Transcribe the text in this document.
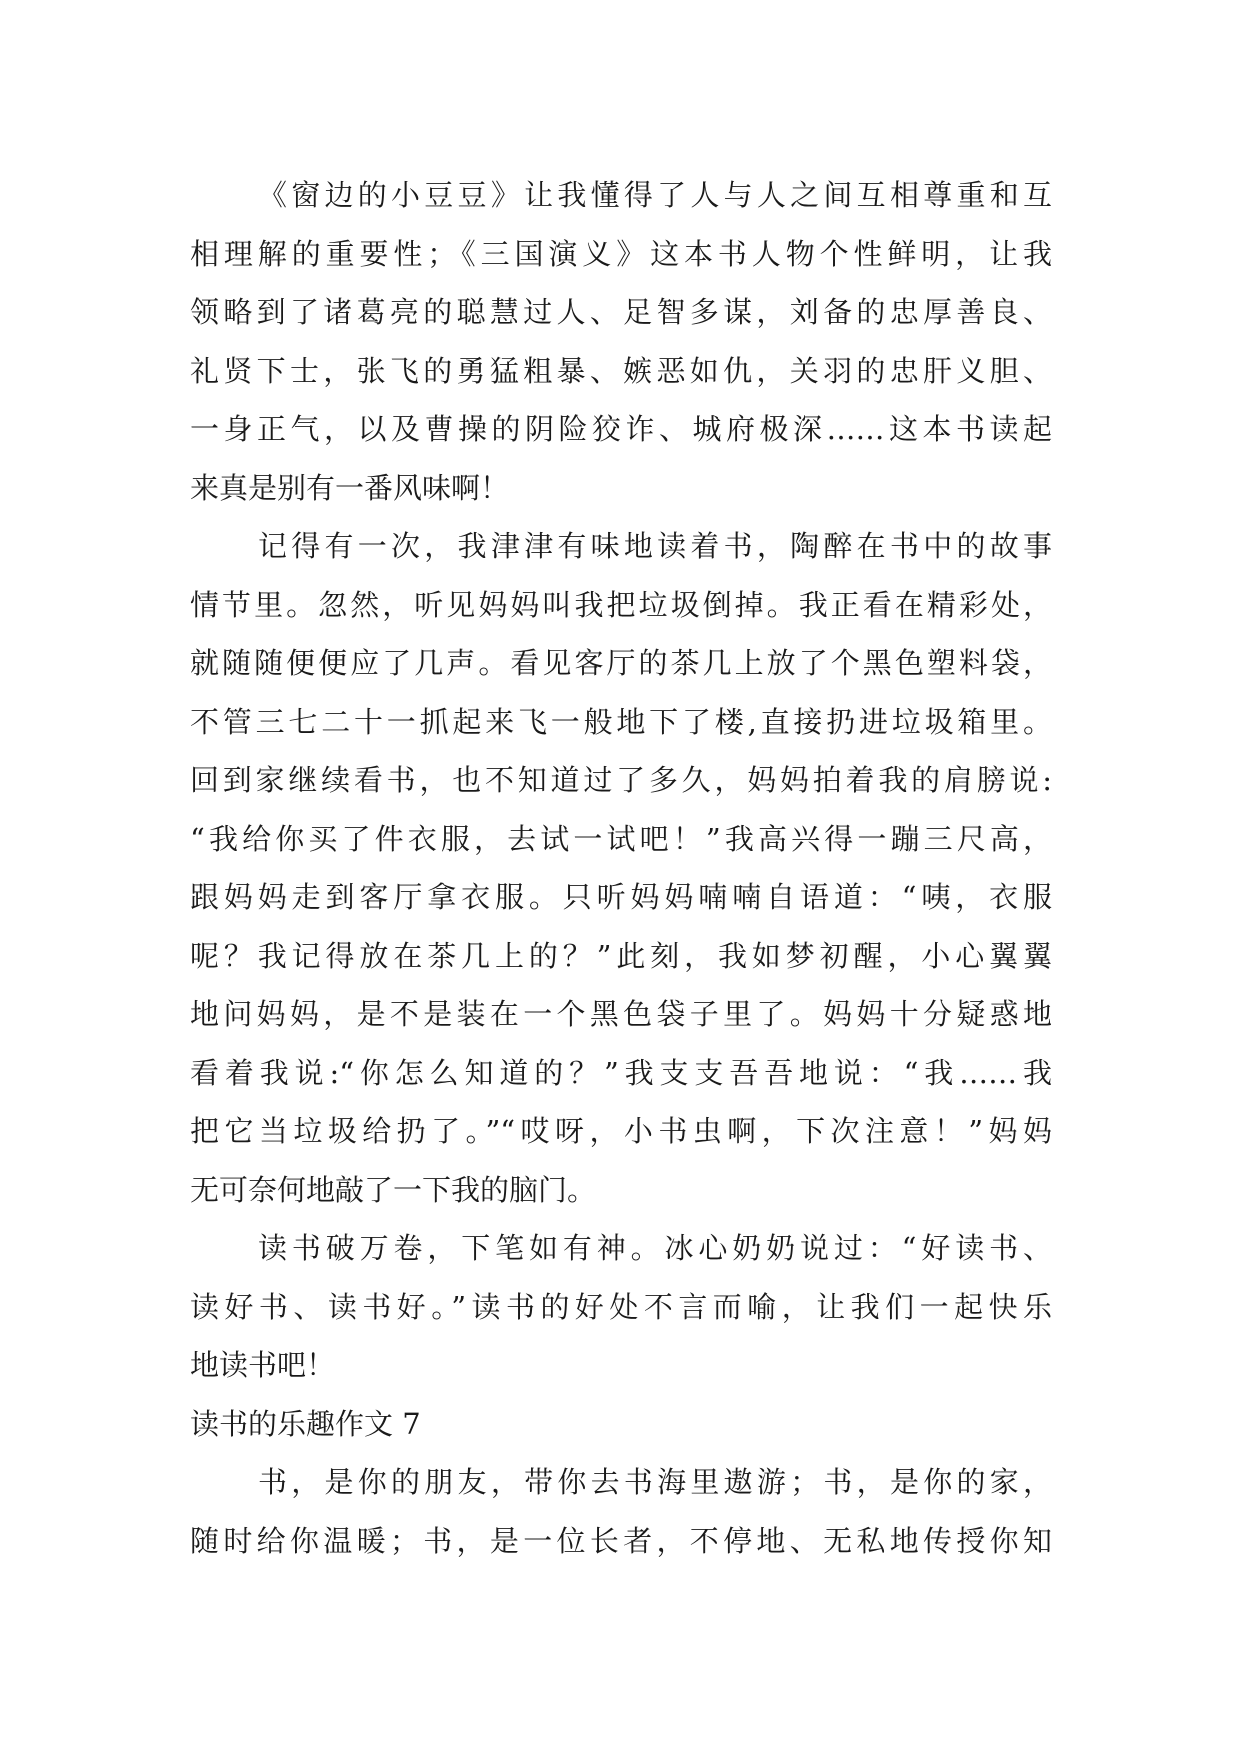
《窗边的小豆豆》让我懂得了人与人之间互相尊重和互
相理解的重要性；《三国演义》这本书人物个性鲜明，让我
领略到了诸葛亮的聪慧过人、足智多谋，刘备的忠厚善良、
礼贤下士，张飞的勇猛粗暴、嫉恶如仇，关羽的忠肝义胆、
一身正气，以及曹操的阴险狡诈、城府极深……这本书读起
来真是别有一番风味啊！
记得有一次，我津津有味地读着书，陶醉在书中的故事
情节里。忽然，听见妈妈叫我把垃圾倒掉。我正看在精彩处，
就随随便便应了几声。看见客厅的茶几上放了个黑色塑料袋，
不管三七二十一抓起来飞一般地下了楼,直接扔进垃圾箱里。
回到家继续看书，也不知道过了多久，妈妈拍着我的肩膀说:
“我给你买了件衣服，去试一试吧！”我高兴得一蹦三尺高，
跟妈妈走到客厅拿衣服。只听妈妈喃喃自语道：“咦，衣服
呢？我记得放在茶几上的？”此刻，我如梦初醒，小心翼翼
地问妈妈，是不是装在一个黑色袋子里了。妈妈十分疑惑地
看着我说:“你怎么知道的？”我支支吾吾地说：“我……我
把它当垃圾给扔了。”“哎呀，小书虫啊，下次注意！”妈妈
无可奈何地敲了一下我的脑门。
读书破万卷，下笔如有神。冰心奶奶说过：“好读书、
读好书、读书好。”读书的好处不言而喻，让我们一起快乐
地读书吧！
读书的乐趣作文 7
书，是你的朋友，带你去书海里遨游；书，是你的家，
随时给你温暖；书，是一位长者，不停地、无私地传授你知
